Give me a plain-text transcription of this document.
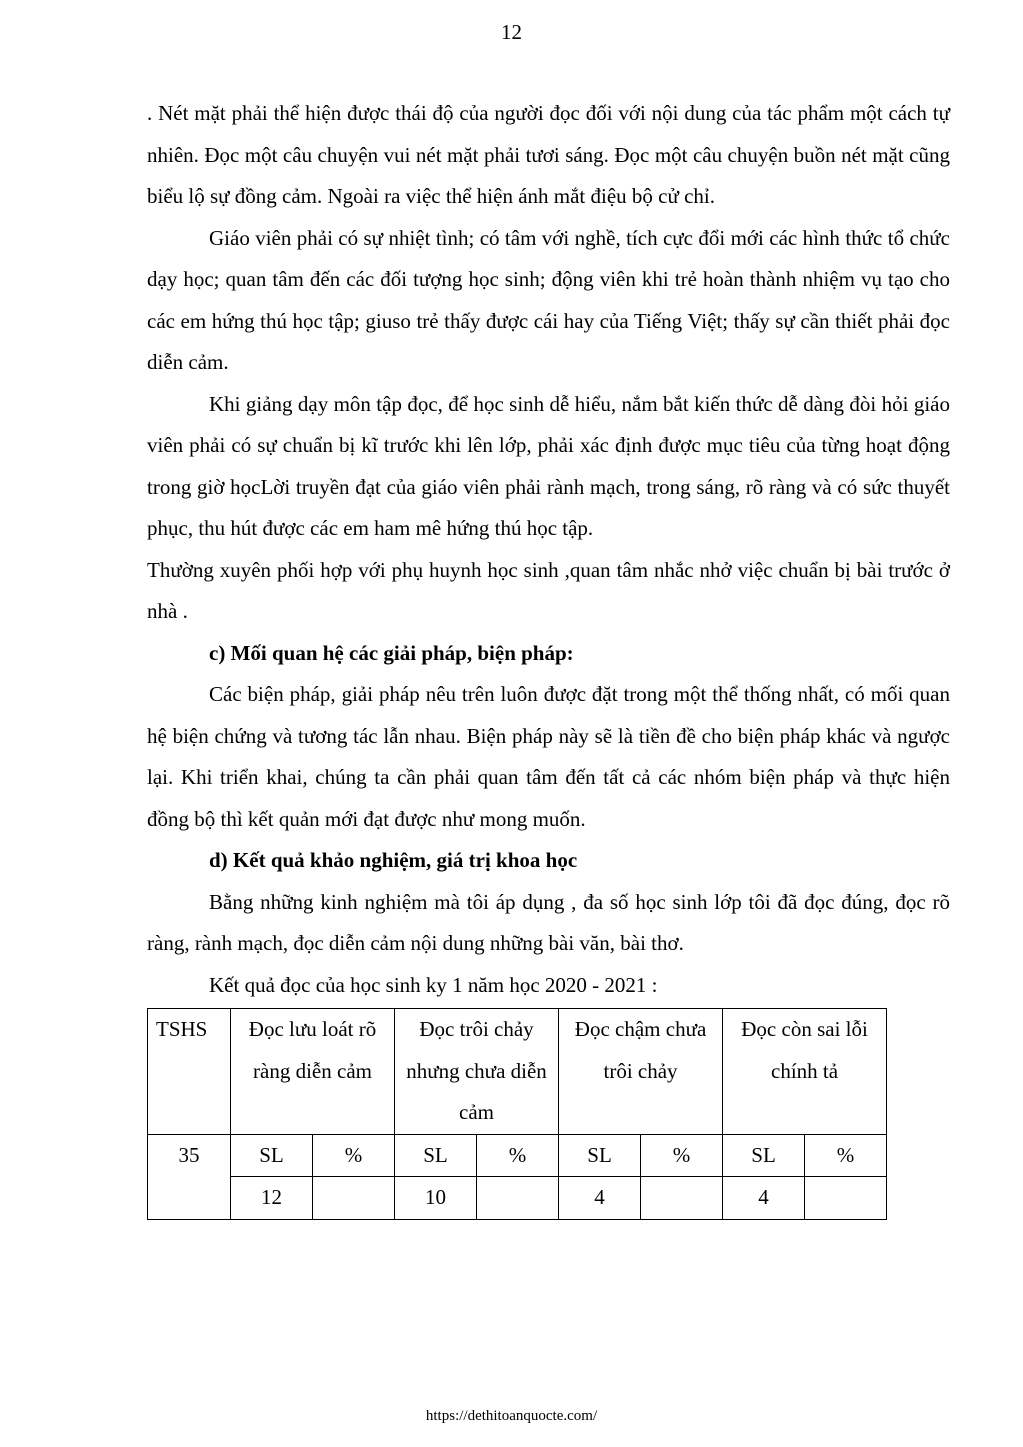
12

. Nét mặt phải thể hiện được thái độ của người đọc đối với nội dung của tác phẩm một cách tự nhiên. Đọc một câu chuyện vui nét mặt phải tươi sáng. Đọc một câu chuyện buồn nét mặt cũng biểu lộ sự đồng cảm. Ngoài ra việc thể hiện ánh mắt điệu bộ cử chỉ.

Giáo viên phải có sự nhiệt tình; có tâm với nghề, tích cực đổi mới các hình thức tổ chức dạy học; quan tâm đến các đối tượng học sinh; động viên khi trẻ hoàn thành nhiệm vụ tạo cho các em hứng thú học tập; giuso trẻ thấy được cái hay của Tiếng Việt; thấy sự cần thiết phải đọc diễn cảm.

Khi giảng dạy môn tập đọc, để học sinh dễ hiểu, nắm bắt kiến thức dễ dàng đòi hỏi giáo viên phải có sự chuẩn bị kĩ trước khi lên lớp, phải xác định được mục tiêu của từng hoạt động trong giờ họcLời truyền đạt của giáo viên phải rành mạch, trong sáng, rõ ràng và có sức thuyết phục, thu hút được các em ham mê hứng thú học tập.

Thường xuyên phối hợp với phụ huynh học sinh ,quan tâm nhắc nhở việc chuẩn bị bài trước ở nhà .

c) Mối quan hệ các giải pháp, biện pháp:

Các biện pháp, giải pháp nêu trên luôn được đặt trong một thể thống nhất, có mối quan hệ biện chứng và tương tác lẫn nhau. Biện pháp này sẽ là tiền đề cho biện pháp khác và ngược lại. Khi triển khai, chúng ta cần phải quan tâm đến tất cả các nhóm biện pháp và thực hiện đồng bộ thì kết quản mới đạt được như mong muốn.

d) Kết quả khảo nghiệm, giá trị khoa học

Bằng những kinh nghiệm mà tôi áp dụng , đa số học sinh lớp tôi đã đọc đúng, đọc rõ ràng, rành mạch, đọc diễn cảm nội dung những bài văn, bài thơ.

Kết quả đọc của học sinh ky 1 năm học 2020 - 2021 :

TSHS	Đọc lưu loát rõ ràng diễn cảm		Đọc trôi chảy nhưng chưa diễn cảm		Đọc chậm chưa trôi chảy		Đọc còn sai lỗi chính tả	
35	SL	%	SL	%	SL	%	SL	%
	12		10		4		4	
https://dethitoanquocte.com/
